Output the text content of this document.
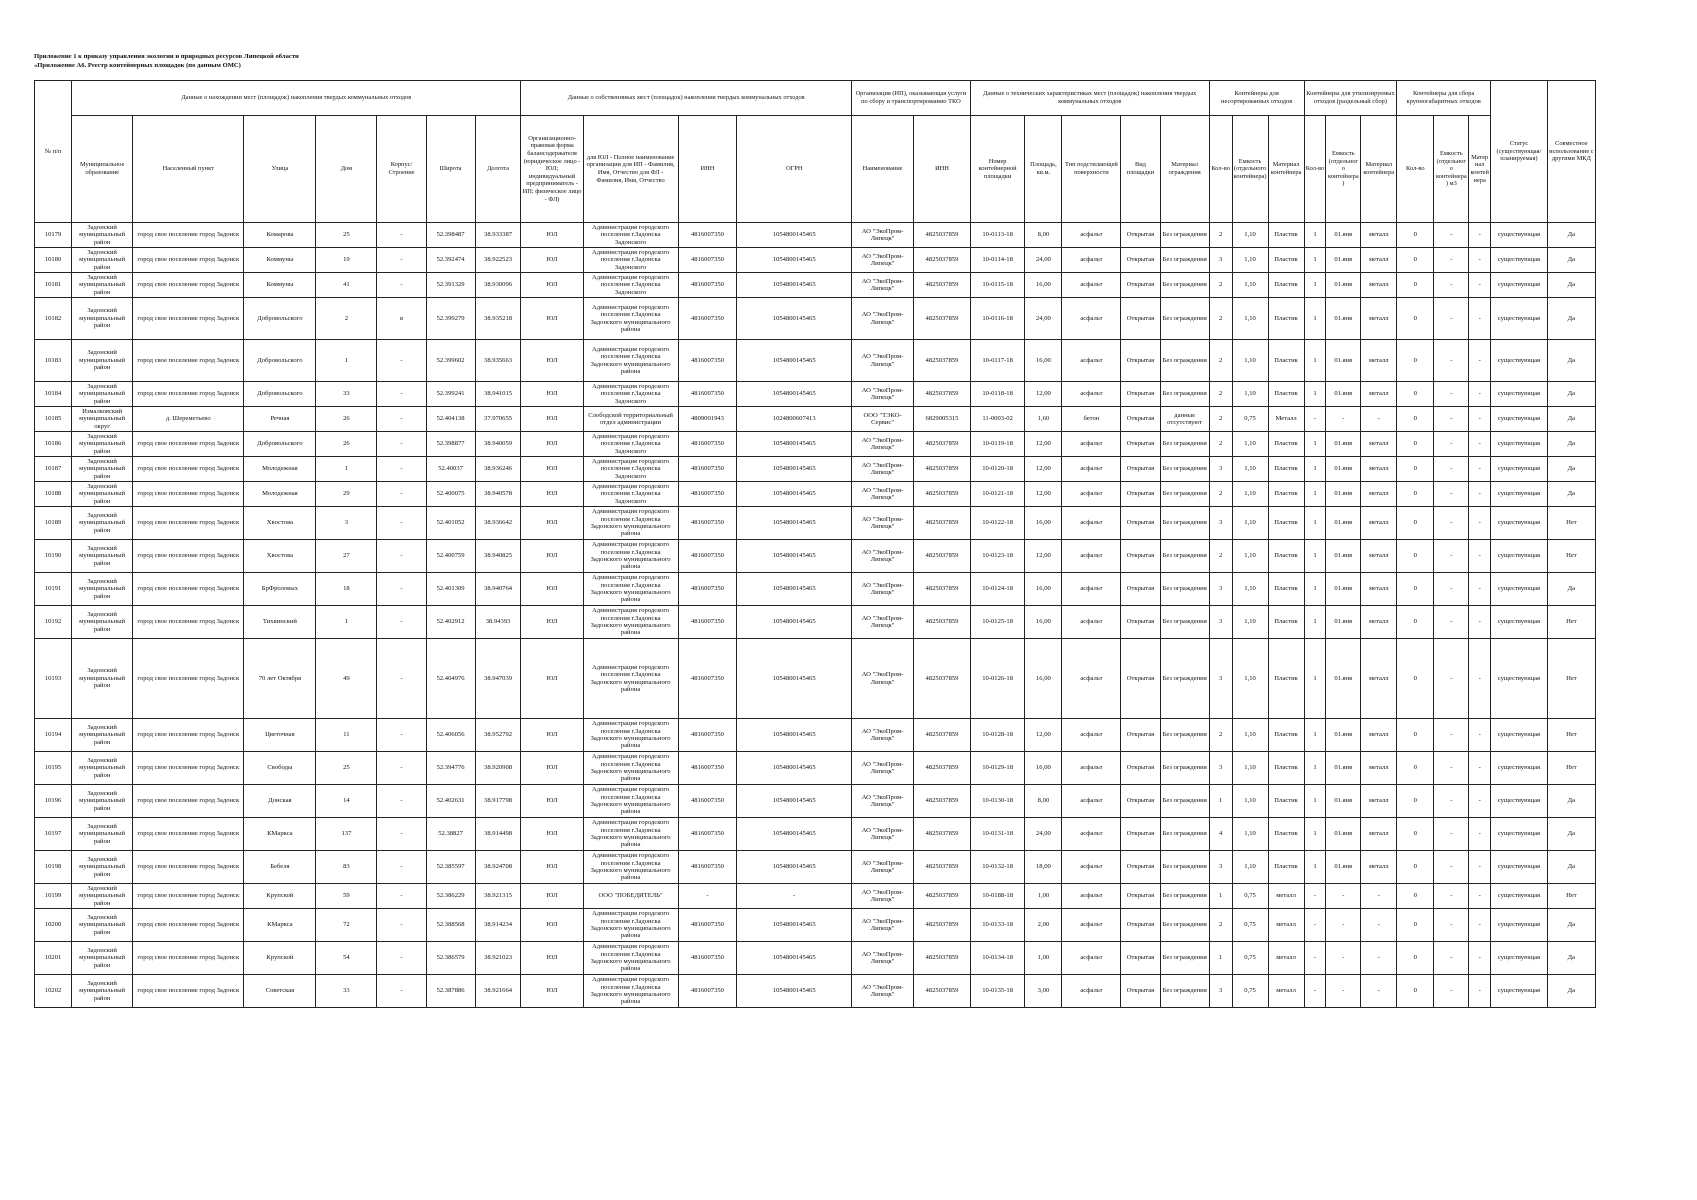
Приложение 1 к приказу управления экологии и природных ресурсов Липецкой области
«Приложение А6. Реестр контейнерных площадок (по данным ОМС)
№ п/п	Данные о нахождении мест (площадок) накопления твердых коммунальных отходов							Данные о собственниках мест (площадок) накопления твердых коммунальных отходов				Организация (ИП), оказывающая услуги по сбору и транспортированию ТКО		Данные о технических характеристиках мест (площадок) накопления твердых коммунальных отходов					Контейнеры для несортированных отходов			Контейнеры для утилизируемых отходов (раздельный сбор)			Контейнеры для сбора крупногабаритных отходов			Статус (существующая/планируемая)	Совместное использование с другими МКД
	Муниципальное образование	Населенный пункт	Улица	Дом	Корпус/Строение	Широта	Долгота	Организационно-правовая форма балансодержателя (юридическое лицо - ЮЛ; индивидуальный предприниматель - ИП; физическое лицо - ФЛ)	для ЮЛ - Полное наименование организации для ИП - Фамилия, Имя, Отчество для ФЛ - Фамилия, Имя, Отчество	ИНН	ОГРН	Наименование	ИНН	Номер контейнерной площадки	Площадь, кв.м.	Тип подстилающей поверхности	Вид площадки	Материал ограждения	Кол-во	Емкость (отдельного контейнера)	Материал контейнера	Кол-во	Емкость (отдельного контейнера)	Материал контейнера	Кол-во	Емкость (отдельного контейнера) м3	Материал контейнера		
10179	Задонский муниципальный район	город свое поселение город Задонск	Комарова	25	-	52.398487	38.933387	ЮЛ	Администрация городского поселения г.Задонска Задонского	4816007350	1054800145465	АО "ЭкоПром-Липецк"	4825037859	10-0113-18	8,00	асфальт	Открытая	Без ограждения	2	1,10	Пластик	1	01.янв	металл	0	-	-	существующая	Да
10180	Задонский муниципальный район	город свое поселение город Задонск	Коммуны	19	-	52.392474	38.922523	ЮЛ	Администрация городского поселения г.Задонска Задонского	4816007350	1054800145465	АО "ЭкоПром-Липецк"	4825037859	10-0114-18	24,00	асфальт	Открытая	Без ограждения	3	1,10	Пластик	1	01.янв	металл	0	-	-	существующая	Да
10181	Задонский муниципальный район	город свое поселение город Задонск	Коммуны	41	-	52.391329	38.930096	ЮЛ	Администрация городского поселения г.Задонска Задонского	4816007350	1054800145465	АО "ЭкоПром-Липецк"	4825037859	10-0115-18	16,00	асфальт	Открытая	Без ограждения	2	1,10	Пластик	1	01.янв	металл	0	-	-	существующая	Да
10182	Задонский муниципальный район	город свое поселение город Задонск	Добровольского	2	в	52.399279	38.935218	ЮЛ	Администрация городского поселения г.Задонска Задонского муниципального района	4816007350	1054800145465	АО "ЭкоПром-Липецк"	4825037859	10-0116-18	24,00	асфальт	Открытая	Без ограждения	2	1,10	Пластик	1	01.янв	металл	0	-	-	существующая	Да
10183	Задонский муниципальный район	город свое поселение город Задонск	Добровольского	1	-	52.399602	38.935663	ЮЛ	Администрация городского поселения г.Задонска Задонского муниципального района	4816007350	1054800145465	АО "ЭкоПром-Липецк"	4825037859	10-0117-18	16,00	асфальт	Открытая	Без ограждения	2	1,10	Пластик	1	01.янв	металл	0	-	-	существующая	Да
10184	Задонский муниципальный район	город свое поселение город Задонск	Добровольского	33	-	52.399241	38.941015	ЮЛ	Администрация городского поселения г.Задонска Задонского	4816007350	1054800145465	АО "ЭкоПром-Липецк"	4825037859	10-0118-18	12,00	асфальт	Открытая	Без ограждения	2	1,10	Пластик	1	01.янв	металл	0	-	-	существующая	Да
10185	Измалковский муниципальный округ	д. Шереметьево	Речная	26	-	52.404138	37.970655	ЮЛ	Слободской территориальный отдел администрации	4809001943	1024800607413	ООО "ТЭКО-Сервис"	6829005315	11-0003-02	1,60	бетон	Открытая	данные отсутствуют	2	0,75	Металл	-	-	-	0	-	-	существующая	Да
10186	Задонский муниципальный район	город свое поселение город Задонск	Добровольского	26	-	52.398877	38.940059	ЮЛ	Администрация городского поселения г.Задонска Задонского	4816007350	1054800145465	АО "ЭкоПром-Липецк"	4825037859	10-0119-18	12,00	асфальт	Открытая	Без ограждения	2	1,10	Пластик	1	01.янв	металл	0	-	-	существующая	Да
10187	Задонский муниципальный район	город свое поселение город Задонск	Молодежная	1	-	52.40037	38.936246	ЮЛ	Администрация городского поселения г.Задонска Задонского	4816007350	1054800145465	АО "ЭкоПром-Липецк"	4825037859	10-0120-18	12,00	асфальт	Открытая	Без ограждения	3	1,10	Пластик	1	01.янв	металл	0	-	-	существующая	Да
10188	Задонский муниципальный район	город свое поселение город Задонск	Молодежная	29	-	52.400075	38.940578	ЮЛ	Администрация городского поселения г.Задонска Задонского	4816007350	1054800145465	АО "ЭкоПром-Липецк"	4825037859	10-0121-18	12,00	асфальт	Открытая	Без ограждения	2	1,10	Пластик	1	01.янв	металл	0	-	-	существующая	Да
10189	Задонский муниципальный район	город свое поселение город Задонск	Хвостова	3	-	52.401052	38.936642	ЮЛ	Администрация городского поселения г.Задонска Задонского муниципального района	4816007350	1054800145465	АО "ЭкоПром-Липецк"	4825037859	10-0122-18	16,00	асфальт	Открытая	Без ограждения	3	1,10	Пластик	1	01.янв	металл	0	-	-	существующая	Нет
10190	Задонский муниципальный район	город свое поселение город Задонск	Хвостова	27	-	52.400759	38.940825	ЮЛ	Администрация городского поселения г.Задонска Задонского муниципального района	4816007350	1054800145465	АО "ЭкоПром-Липецк"	4825037859	10-0123-18	12,00	асфальт	Открытая	Без ограждения	2	1,10	Пластик	1	01.янв	металл	0	-	-	существующая	Нет
10191	Задонский муниципальный район	город свое поселение город Задонск	БрФроловых	18	-	52.401309	38.940764	ЮЛ	Администрация городского поселения г.Задонска Задонского муниципального района	4816007350	1054800145465	АО "ЭкоПром-Липецк"	4825037859	10-0124-18	16,00	асфальт	Открытая	Без ограждения	3	1,10	Пластик	1	01.янв	металл	0	-	-	существующая	Да
10192	Задонский муниципальный район	город свое поселение город Задонск	Тихвинский	1	-	52.402912	38.94393	ЮЛ	Администрация городского поселения г.Задонска Задонского муниципального района	4816007350	1054800145465	АО "ЭкоПром-Липецк"	4825037859	10-0125-18	16,00	асфальт	Открытая	Без ограждения	3	1,10	Пластик	1	01.янв	металл	0	-	-	существующая	Нет
10193	Задонский муниципальный район	город свое поселение город Задонск	70 лет Октября	49	-	52.404976	38.947039	ЮЛ	Администрация городского поселения г.Задонска Задонского муниципального района	4816007350	1054800145465	АО "ЭкоПром-Липецк"	4825037859	10-0126-18	16,00	асфальт	Открытая	Без ограждения	3	1,10	Пластик	1	01.янв	металл	0	-	-	существующая	Нет
10194	Задонский муниципальный район	город свое поселение город Задонск	Цветочная	11	-	52.406056	38.952792	ЮЛ	Администрация городского поселения г.Задонска Задонского муниципального района	4816007350	1054800145465	АО "ЭкоПром-Липецк"	4825037859	10-0128-18	12,00	асфальт	Открытая	Без ограждения	2	1,10	Пластик	1	01.янв	металл	0	-	-	существующая	Нет
10195	Задонский муниципальный район	город свое поселение город Задонск	Свободы	25	-	52.394776	38.920908	ЮЛ	Администрация городского поселения г.Задонска Задонского муниципального района	4816007350	1054800145465	АО "ЭкоПром-Липецк"	4825037859	10-0129-18	16,00	асфальт	Открытая	Без ограждения	3	1,10	Пластик	1	01.янв	металл	0	-	-	существующая	Нет
10196	Задонский муниципальный район	город свое поселение город Задонск	Донская	14	-	52.402631	38.917798	ЮЛ	Администрация городского поселения г.Задонска Задонского муниципального района	4816007350	1054800145465	АО "ЭкоПром-Липецк"	4825037859	10-0130-18	8,00	асфальт	Открытая	Без ограждения	1	1,10	Пластик	1	01.янв	металл	0	-	-	существующая	Да
10197	Задонский муниципальный район	город свое поселение город Задонск	КМаркса	137	-	52.38827	38.914498	ЮЛ	Администрация городского поселения г.Задонска Задонского муниципального района	4816007350	1054800145465	АО "ЭкоПром-Липецк"	4825037859	10-0131-18	24,00	асфальт	Открытая	Без ограждения	4	1,10	Пластик	1	01.янв	металл	0	-	-	существующая	Да
10198	Задонский муниципальный район	город свое поселение город Задонск	Бебеля	83	-	52.385597	38.924708	ЮЛ	Администрация городского поселения г.Задонска Задонского муниципального района	4816007350	1054800145465	АО "ЭкоПром-Липецк"	4825037859	10-0132-18	18,00	асфальт	Открытая	Без ограждения	3	1,10	Пластик	1	01.янв	металл	0	-	-	существующая	Да
10199	Задонский муниципальный район	город свое поселение город Задонск	Крупской	59	-	52.386229	38.921315	ЮЛ	ООО "ПОБЕДИТЕЛЬ"	-	-	АО "ЭкоПром-Липецк"	4825037859	10-0188-18	1,00	асфальт	Открытая	Без ограждения	1	0,75	металл	-	-	-	0	-	-	существующая	Нет
10200	Задонский муниципальный район	город свое поселение город Задонск	КМаркса	72	-	52.388568	38.914234	ЮЛ	Администрация городского поселения г.Задонска Задонского муниципального района	4816007350	1054800145465	АО "ЭкоПром-Липецк"	4825037859	10-0133-18	2,00	асфальт	Открытая	Без ограждения	2	0,75	металл	-	-	-	0	-	-	существующая	Да
10201	Задонский муниципальный район	город свое поселение город Задонск	Крупской	54	-	52.386579	38.921023	ЮЛ	Администрация городского поселения г.Задонска Задонского муниципального района	4816007350	1054800145465	АО "ЭкоПром-Липецк"	4825037859	10-0134-18	1,00	асфальт	Открытая	Без ограждения	1	0,75	металл	-	-	-	0	-	-	существующая	Да
10202	Задонский муниципальный район	город свое поселение город Задонск	Советская	33	-	52.387886	38.921664	ЮЛ	Администрация городского поселения г.Задонска Задонского муниципального района	4816007350	1054800145465	АО "ЭкоПром-Липецк"	4825037859	10-0135-18	3,00	асфальт	Открытая	Без ограждения	3	0,75	металл	-	-	-	0	-	-	существующая	Да
